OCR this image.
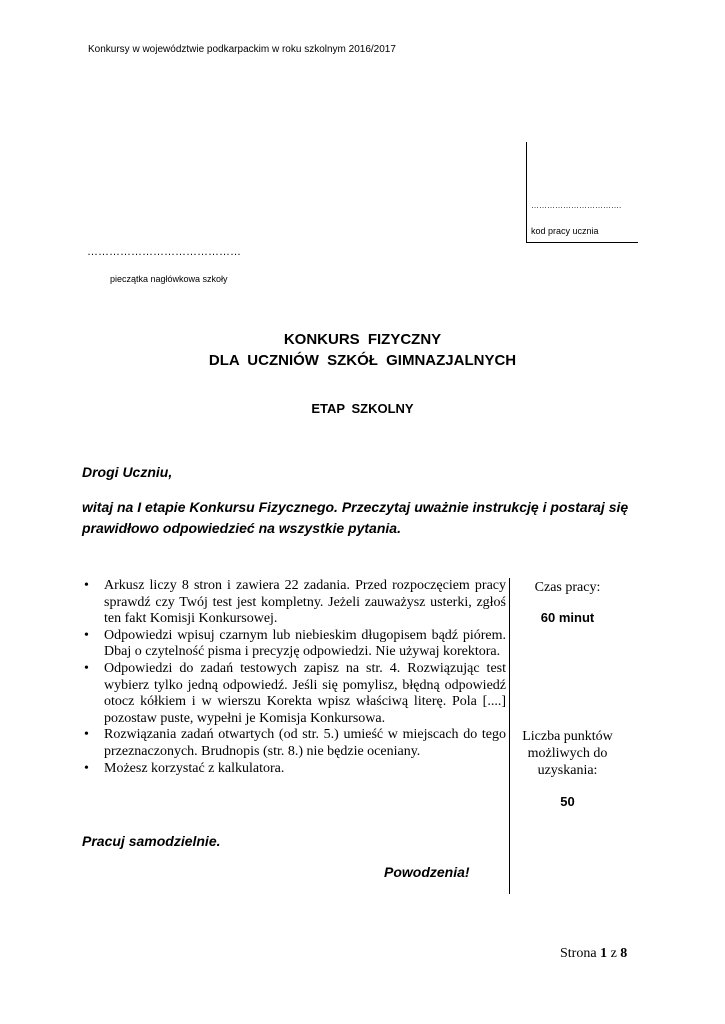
Konkursy w województwie podkarpackim w roku szkolnym 2016/2017
…………………………….
kod pracy ucznia
……………………………………
pieczątka nagłówkowa szkoły
KONKURS FIZYCZNY
DLA UCZNIÓW SZKÓŁ GIMNAZJALNYCH
ETAP SZKOLNY
Drogi Uczniu,
witaj na I etapie Konkursu Fizycznego. Przeczytaj uważnie instrukcję i postaraj się prawidłowo odpowiedzieć na wszystkie pytania.
• Arkusz liczy 8 stron i zawiera 22 zadania. Przed rozpoczęciem pracy sprawdź czy Twój test jest kompletny. Jeżeli zauważysz usterki, zgłoś ten fakt Komisji Konkursowej.
• Odpowiedzi wpisuj czarnym lub niebieskim długopisem bądź piórem. Dbaj o czytelność pisma i precyzję odpowiedzi. Nie używaj korektora.
• Odpowiedzi do zadań testowych zapisz na str. 4. Rozwiązując test wybierz tylko jedną odpowiedź. Jeśli się pomylisz, błędną odpowiedź otocz kółkiem i w wierszu Korekta wpisz właściwą literę. Pola [....] pozostaw puste, wypełni je Komisja Konkursowa.
• Rozwiązania zadań otwartych (od str. 5.) umieść w miejscach do tego przeznaczonych. Brudnopis (str. 8.) nie będzie oceniany.
• Możesz korzystać z kalkulatora.
Czas pracy:
60 minut
Liczba punktów możliwych do uzyskania:
50
Pracuj samodzielnie.
Powodzenia!
Strona 1 z 8
